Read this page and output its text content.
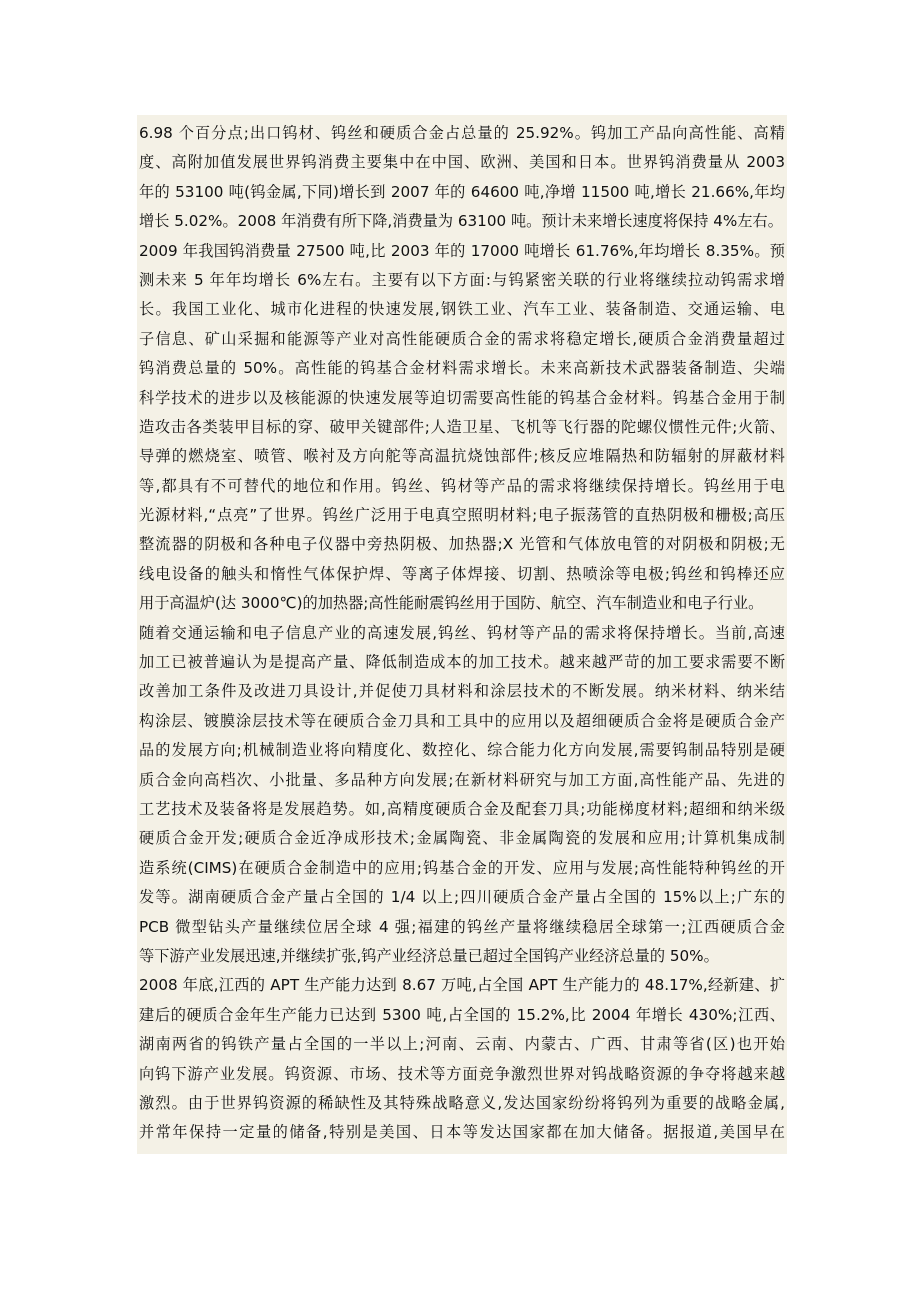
6.98 个百分点;出口钨材、钨丝和硬质合金占总量的 25.92%。钨加工产品向高性能、高精
度、高附加值发展世界钨消费主要集中在中国、欧洲、美国和日本。世界钨消费量从 2003
年的 53100 吨(钨金属,下同)增长到 2007 年的 64600 吨,净增 11500 吨,增长 21.66%,年均
增长 5.02%。2008 年消费有所下降,消费量为 63100 吨。预计未来增长速度将保持 4%左右。
2009 年我国钨消费量 27500 吨,比 2003 年的 17000 吨增长 61.76%,年均增长 8.35%。预
测未来 5 年年均增长 6%左右。主要有以下方面:与钨紧密关联的行业将继续拉动钨需求增
长。我国工业化、城市化进程的快速发展,钢铁工业、汽车工业、装备制造、交通运输、电
子信息、矿山采掘和能源等产业对高性能硬质合金的需求将稳定增长,硬质合金消费量超过
钨消费总量的 50%。高性能的钨基合金材料需求增长。未来高新技术武器装备制造、尖端
科学技术的进步以及核能源的快速发展等迫切需要高性能的钨基合金材料。钨基合金用于制
造攻击各类装甲目标的穿、破甲关键部件;人造卫星、飞机等飞行器的陀螺仪惯性元件;火箭、
导弹的燃烧室、喷管、喉衬及方向舵等高温抗烧蚀部件;核反应堆隔热和防辐射的屏蔽材料
等,都具有不可替代的地位和作用。钨丝、钨材等产品的需求将继续保持增长。钨丝用于电
光源材料,“点亮”了世界。钨丝广泛用于电真空照明材料;电子振荡管的直热阴极和栅极;高压
整流器的阴极和各种电子仪器中旁热阴极、加热器;X 光管和气体放电管的对阴极和阴极;无
线电设备的触头和惰性气体保护焊、等离子体焊接、切割、热喷涂等电极;钨丝和钨棒还应
用于高温炉(达 3000℃)的加热器;高性能耐震钨丝用于国防、航空、汽车制造业和电子行业。
随着交通运输和电子信息产业的高速发展,钨丝、钨材等产品的需求将保持增长。当前,高速
加工已被普遍认为是提高产量、降低制造成本的加工技术。越来越严苛的加工要求需要不断
改善加工条件及改进刀具设计,并促使刀具材料和涂层技术的不断发展。纳米材料、纳米结
构涂层、镀膜涂层技术等在硬质合金刀具和工具中的应用以及超细硬质合金将是硬质合金产
品的发展方向;机械制造业将向精度化、数控化、综合能力化方向发展,需要钨制品特别是硬
质合金向高档次、小批量、多品种方向发展;在新材料研究与加工方面,高性能产品、先进的
工艺技术及装备将是发展趋势。如,高精度硬质合金及配套刀具;功能梯度材料;超细和纳米级
硬质合金开发;硬质合金近净成形技术;金属陶瓷、非金属陶瓷的发展和应用;计算机集成制
造系统(CIMS)在硬质合金制造中的应用;钨基合金的开发、应用与发展;高性能特种钨丝的开
发等。湖南硬质合金产量占全国的 1/4 以上;四川硬质合金产量占全国的 15%以上;广东的
PCB 微型钻头产量继续位居全球 4 强;福建的钨丝产量将继续稳居全球第一;江西硬质合金
等下游产业发展迅速,并继续扩张,钨产业经济总量已超过全国钨产业经济总量的 50%。
2008 年底,江西的 APT 生产能力达到 8.67 万吨,占全国 APT 生产能力的 48.17%,经新建、扩
建后的硬质合金年生产能力已达到 5300 吨,占全国的 15.2%,比 2004 年增长 430%;江西、
湖南两省的钨铁产量占全国的一半以上;河南、云南、内蒙古、广西、甘肃等省(区)也开始
向钨下游产业发展。钨资源、市场、技术等方面竞争激烈世界对钨战略资源的争夺将越来越
激烈。由于世界钨资源的稀缺性及其特殊战略意义,发达国家纷纷将钨列为重要的战略金属,
并常年保持一定量的储备,特别是美国、日本等发达国家都在加大储备。据报道,美国早在
